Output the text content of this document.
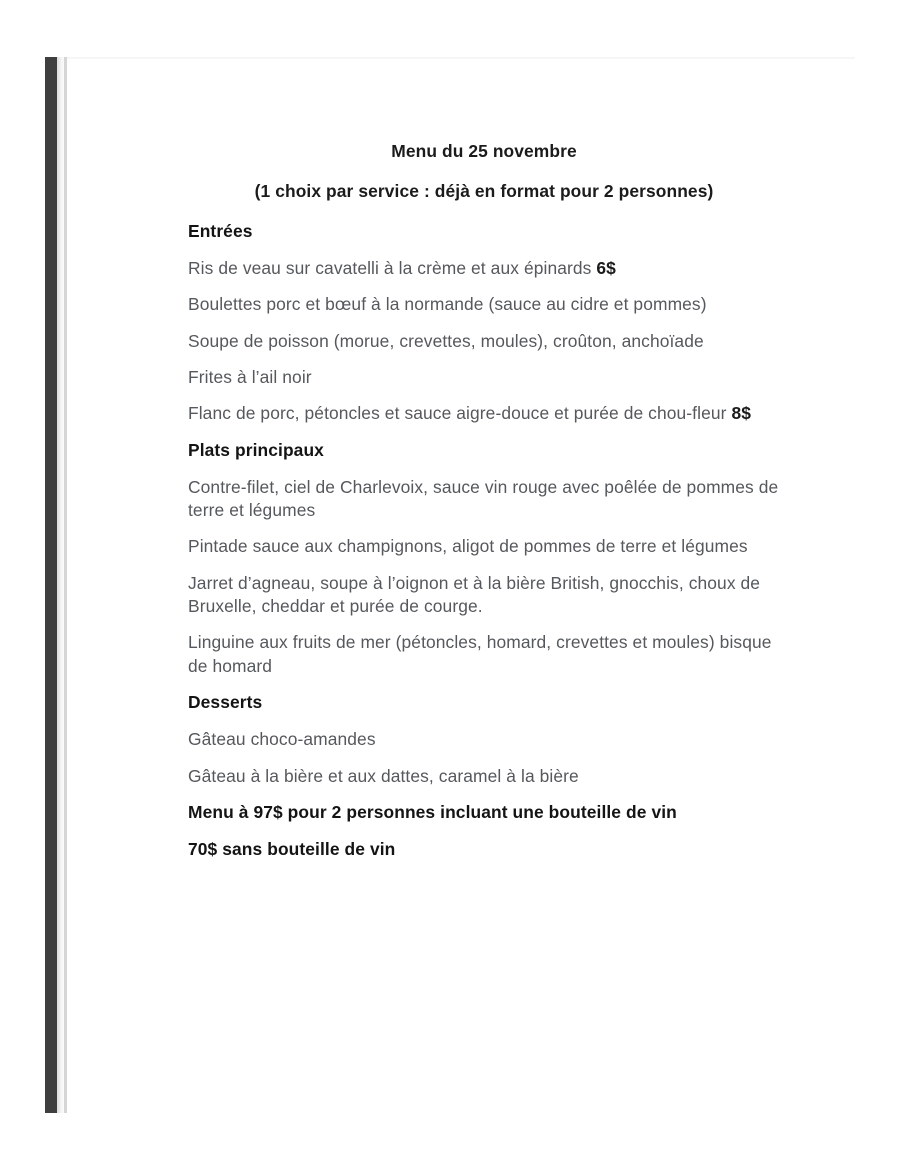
Menu du 25 novembre
(1 choix par service : déjà en format pour 2 personnes)
Entrées

Ris de veau sur cavatelli à la crème et aux épinards 6$

Boulettes porc et bœuf à la normande (sauce au cidre et pommes)

Soupe de poisson (morue, crevettes, moules), croûton, anchoïade

Frites à l’ail noir

Flanc de porc, pétoncles et sauce aigre-douce et purée de chou-fleur 8$

Plats principaux

Contre-filet, ciel de Charlevoix, sauce vin rouge avec poêlée de pommes de terre et légumes

Pintade sauce aux champignons, aligot de pommes de terre et légumes

Jarret d’agneau, soupe à l’oignon et à la bière British, gnocchis, choux de Bruxelle, cheddar et purée de courge.

Linguine aux fruits de mer (pétoncles, homard, crevettes et moules) bisque de homard

Desserts

Gâteau choco-amandes

Gâteau à la bière et aux dattes, caramel à la bière

Menu à 97$ pour 2 personnes incluant une bouteille de vin

70$ sans bouteille de vin
